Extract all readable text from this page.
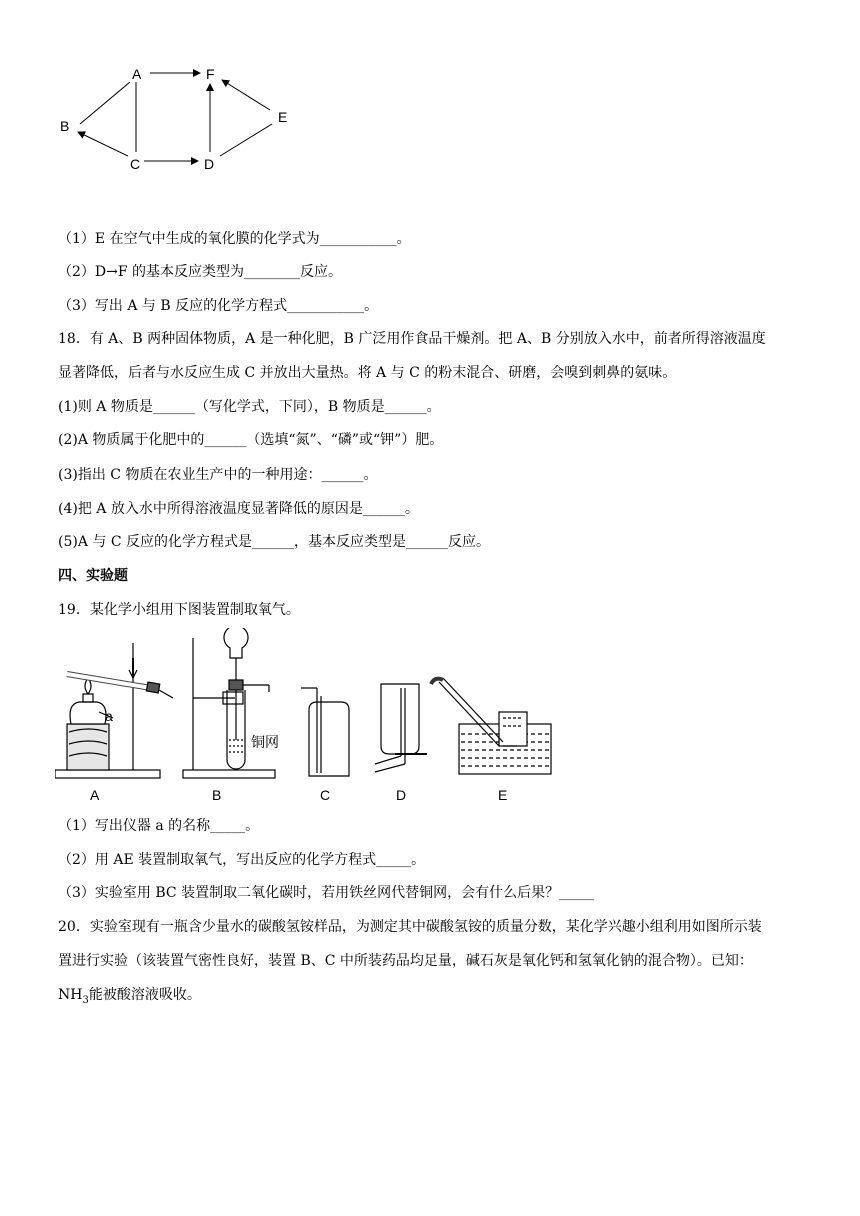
A
B
C	D
E
F
（1）E 在空气中生成的氧化膜的化学式为___________。
（2）D→F 的基本反应类型为________反应。
（3）写出 A 与 B 反应的化学方程式___________。
18．有 A、B 两种固体物质，A 是一种化肥，B 广泛用作食品干燥剂。把 A、B 分别放入水中，前者所得溶液温度
显著降低，后者与水反应生成 C 并放出大量热。将 A 与 C 的粉末混合、研磨，会嗅到刺鼻的氨味。
(1)则 A 物质是______（写化学式，下同），B 物质是______。
(2)A 物质属于化肥中的______（选填“氮”、“磷”或“钾”）肥。
(3)指出 C 物质在农业生产中的一种用途：______。
(4)把 A 放入水中所得溶液温度显著降低的原因是______。
(5)A 与 C 反应的化学方程式是______，基本反应类型是______反应。
四、实验题
19．某化学小组用下图装置制取氧气。
a
铜网
A	B	C	D	E
（1）写出仪器 a 的名称_____。
（2）用 AE 装置制取氧气，写出反应的化学方程式_____。
（3）实验室用 BC 装置制取二氧化碳时，若用铁丝网代替铜网，会有什么后果？_____
20．实验室现有一瓶含少量水的碳酸氢铵样品，为测定其中碳酸氢铵的质量分数，某化学兴趣小组利用如图所示装
置进行实验（该装置气密性良好，装置 B、C 中所装药品均足量，碱石灰是氧化钙和氢氧化钠的混合物）。已知：
$NH_3$能被酸溶液吸收。
